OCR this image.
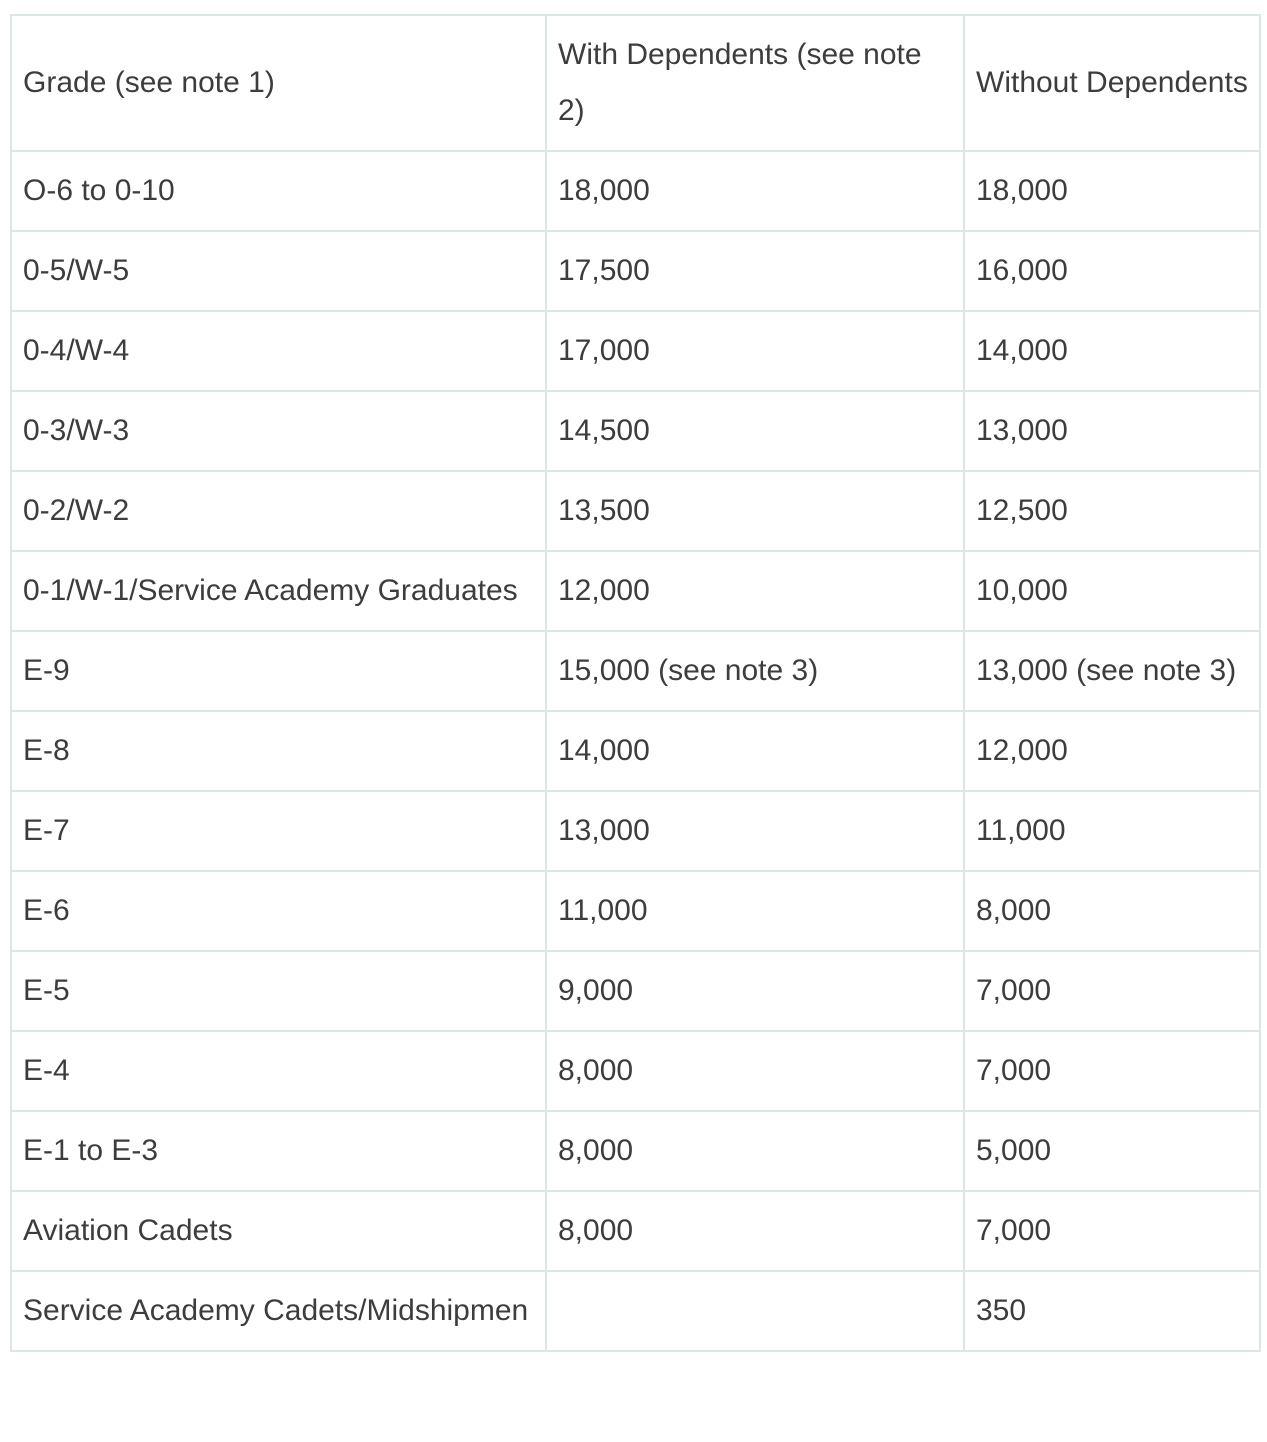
Grade (see note 1)	With Dependents (see note 2)	Without Dependents
O-6 to 0-10	18,000	18,000
0-5/W-5	17,500	16,000
0-4/W-4	17,000	14,000
0-3/W-3	14,500	13,000
0-2/W-2	13,500	12,500
0-1/W-1/Service Academy Graduates	12,000	10,000
E-9	15,000 (see note 3)	13,000 (see note 3)
E-8	14,000	12,000
E-7	13,000	11,000
E-6	11,000	8,000
E-5	9,000	7,000
E-4	8,000	7,000
E-1 to E-3	8,000	5,000
Aviation Cadets	8,000	7,000
Service Academy Cadets/Midshipmen		350
